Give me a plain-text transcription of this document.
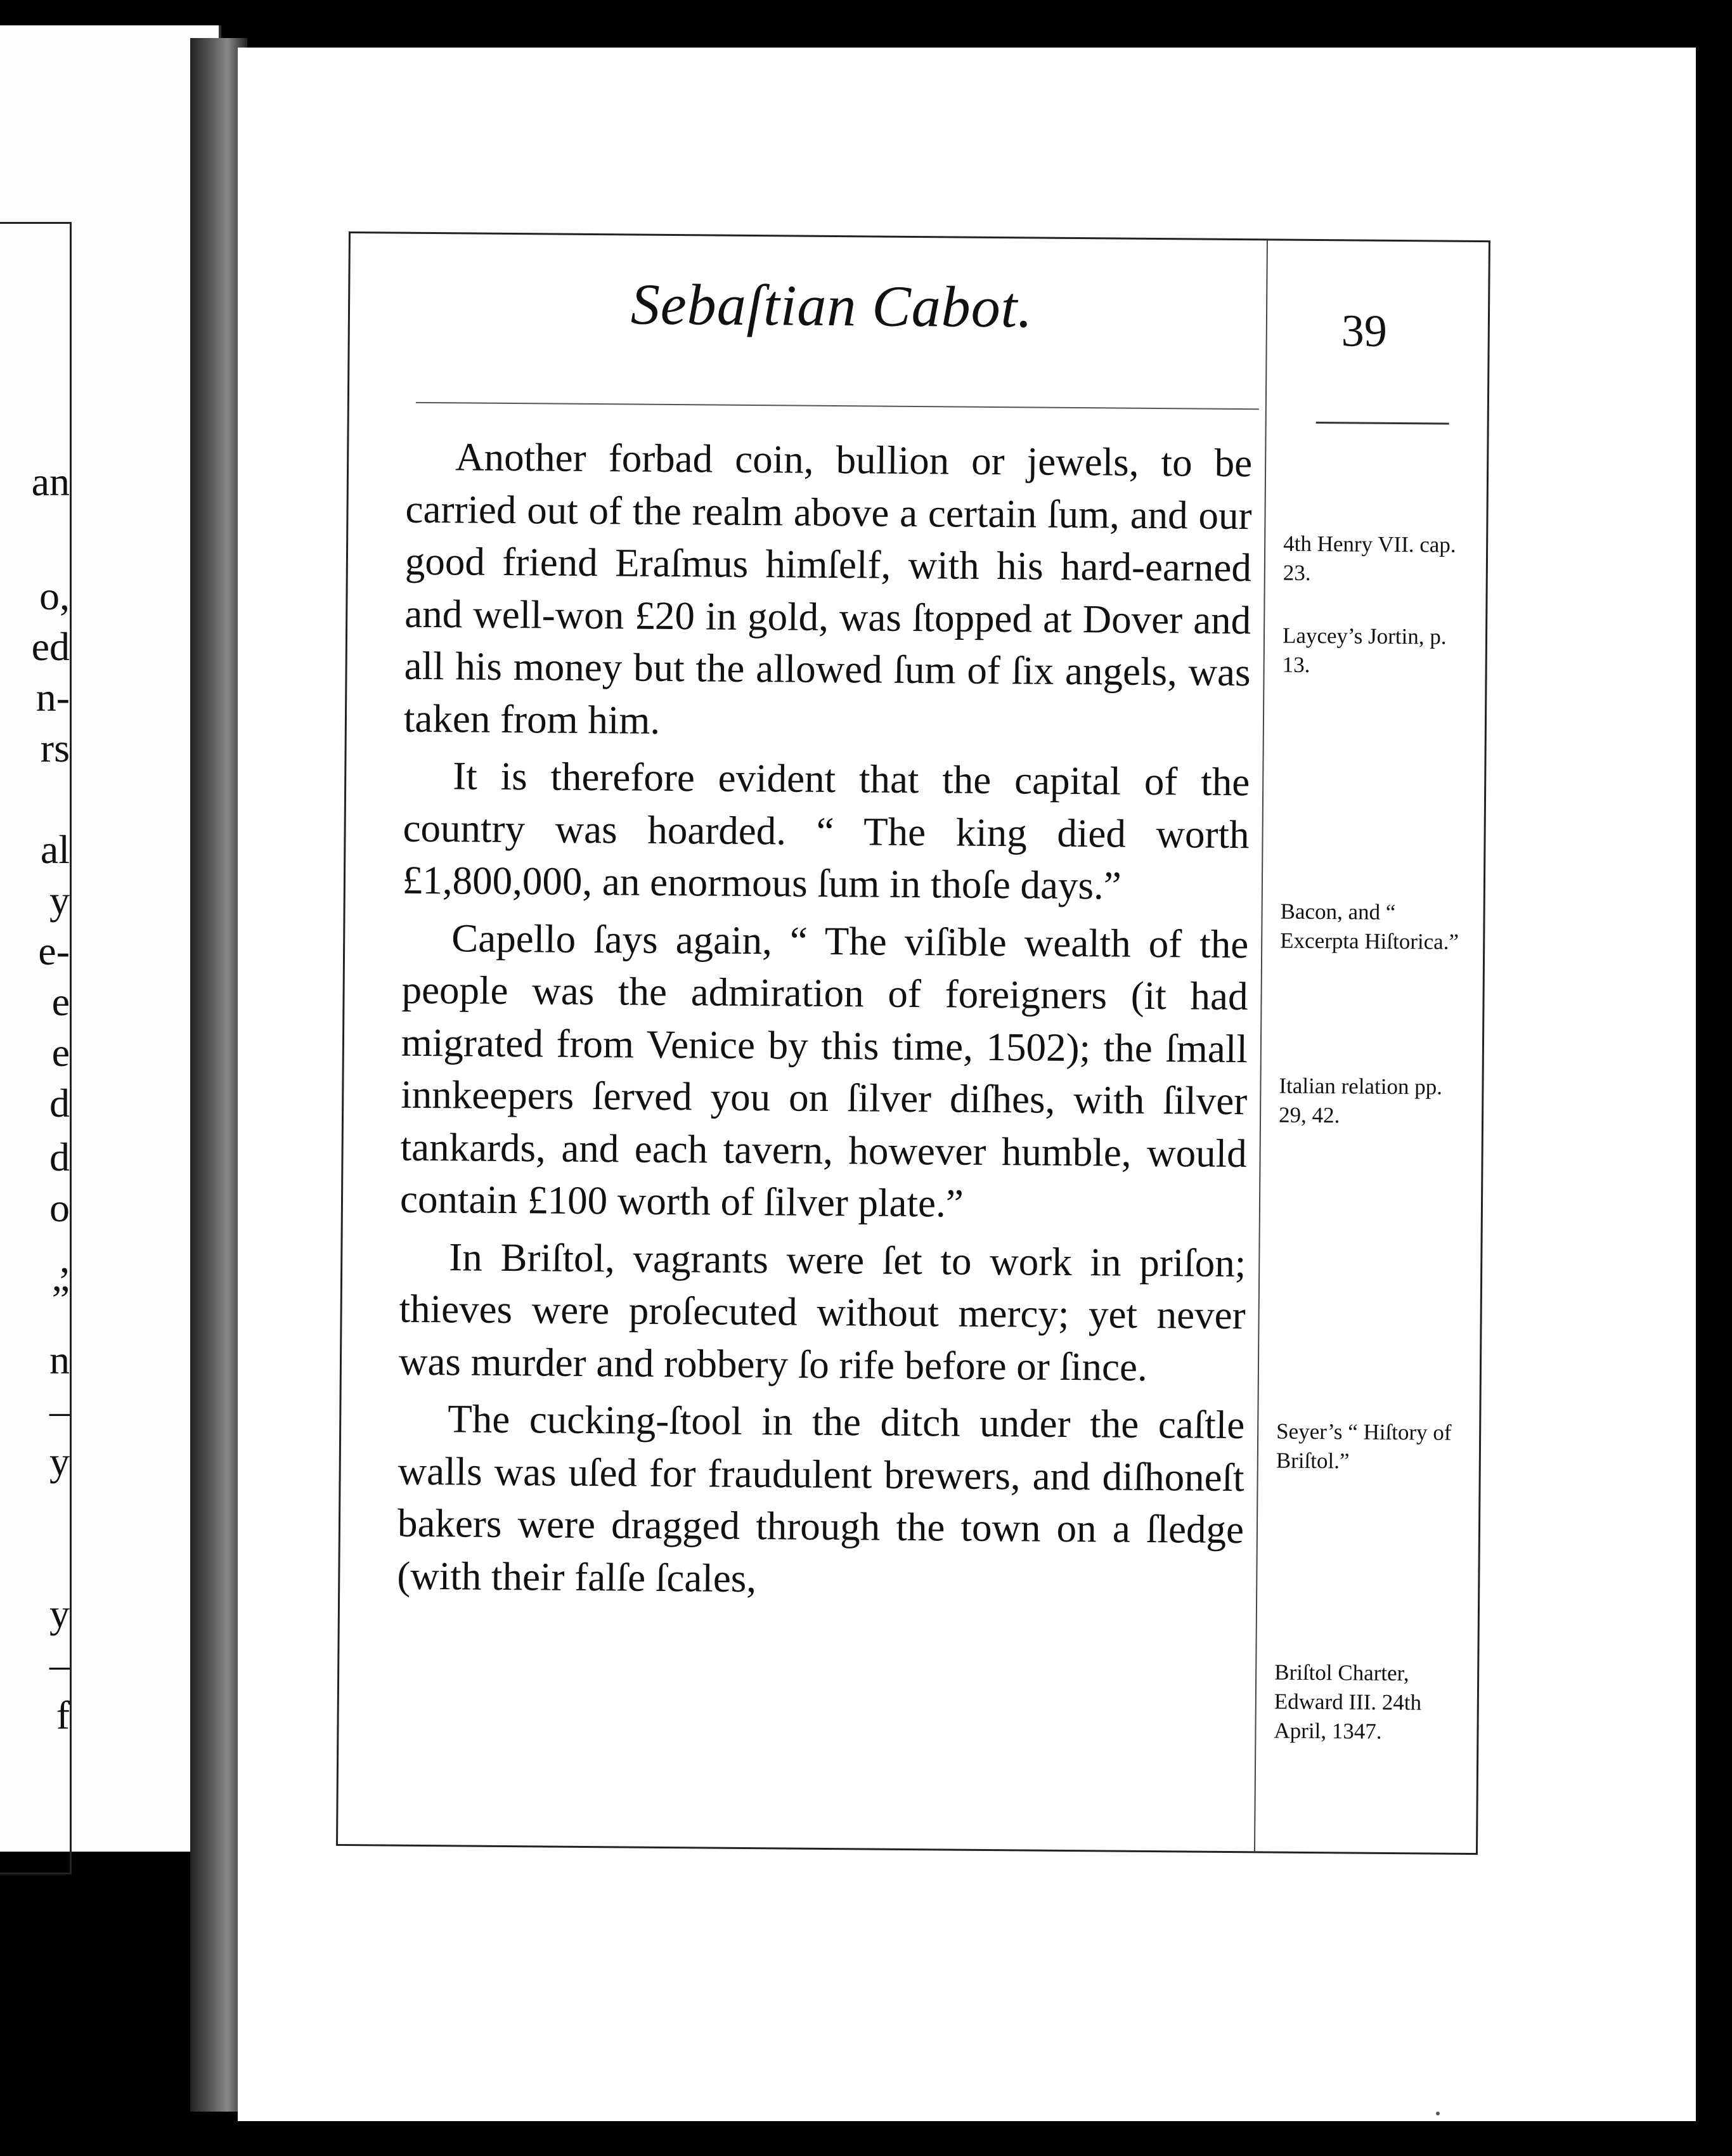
an
o,
ed
n-
rs
al
y
e-
e
e
d
d
o
,
”
n
–
y
y
–
f
Sebaſtian Cabot.	39

Another forbad coin, bullion or jewels, to be carried out of the realm above a certain ſum, and our good friend Eraſmus himſelf, with his hard-earned and well-won £20 in gold, was ſtopped at Dover and all his money but the allowed ſum of ſix angels, was taken from him.

It is therefore evident that the capital of the country was hoarded. “ The king died worth £1,800,000, an enormous ſum in thoſe days.”

Capello ſays again, “ The viſible wealth of the people was the admiration of foreigners (it had migrated from Venice by this time, 1502); the ſmall innkeepers ſerved you on ſilver diſhes, with ſilver tankards, and each tavern, however humble, would contain £100 worth of ſilver plate.”

In Briſtol, vagrants were ſet to work in priſon; thieves were proſecuted without mercy; yet never was murder and robbery ſo rife before or ſince.

The cucking-ſtool in the ditch under the caſtle walls was uſed for fraudulent brewers, and diſhoneſt bakers were dragged through the town on a ſledge (with their falſe ſcales,

4th Henry VII. cap. 23.
Laycey’s Jortin, p. 13.
Bacon, and “ Excerpta Hiſtorica.”
Italian relation pp. 29, 42.
Seyer’s “ Hiſtory of Briſtol.”
Briſtol Charter, Edward III. 24th April, 1347.
